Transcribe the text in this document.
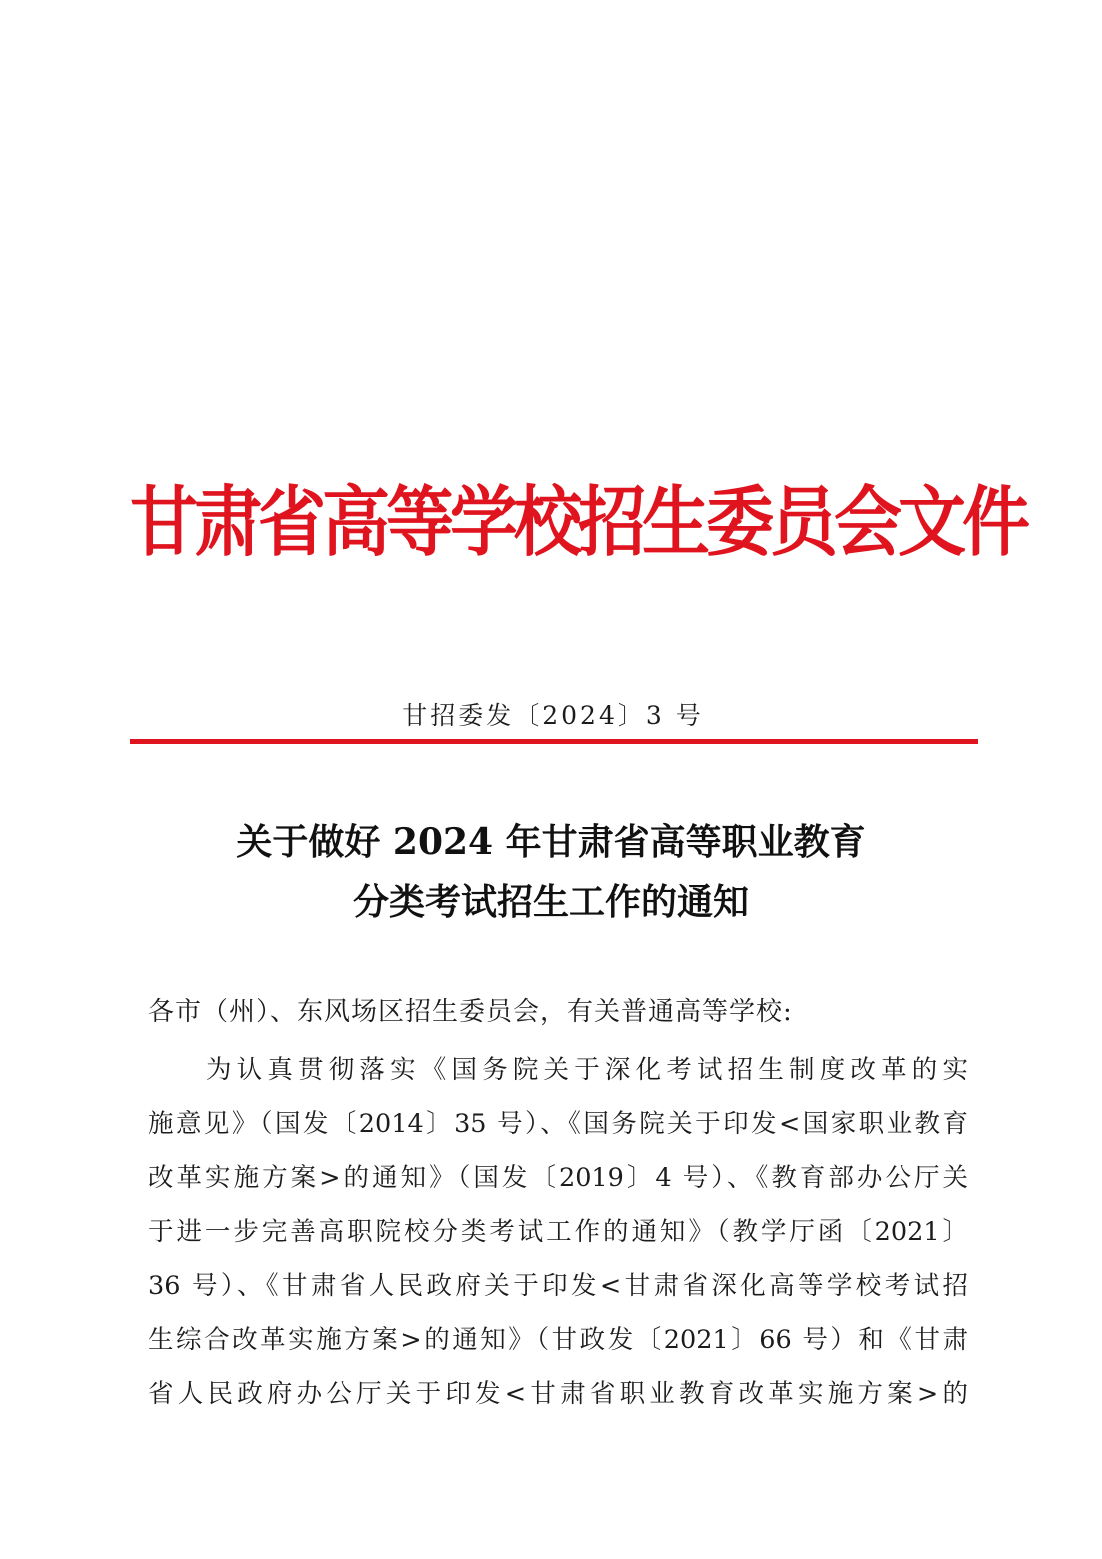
甘肃省高等学校招生委员会文件
甘招委发〔2024〕3 号
关于做好 2024 年甘肃省高等职业教育
分类考试招生工作的通知
各市（州）、东风场区招生委员会，有关普通高等学校:
为认真贯彻落实《国务院关于深化考试招生制度改革的实
施意见》（国发〔2014〕35 号）、《国务院关于印发<国家职业教育
改革实施方案>的通知》（国发〔2019〕4 号）、《教育部办公厅关
于进一步完善高职院校分类考试工作的通知》（教学厅函〔2021〕
36 号）、《甘肃省人民政府关于印发<甘肃省深化高等学校考试招
生综合改革实施方案>的通知》（甘政发〔2021〕66 号）和《甘肃
省人民政府办公厅关于印发<甘肃省职业教育改革实施方案>的
